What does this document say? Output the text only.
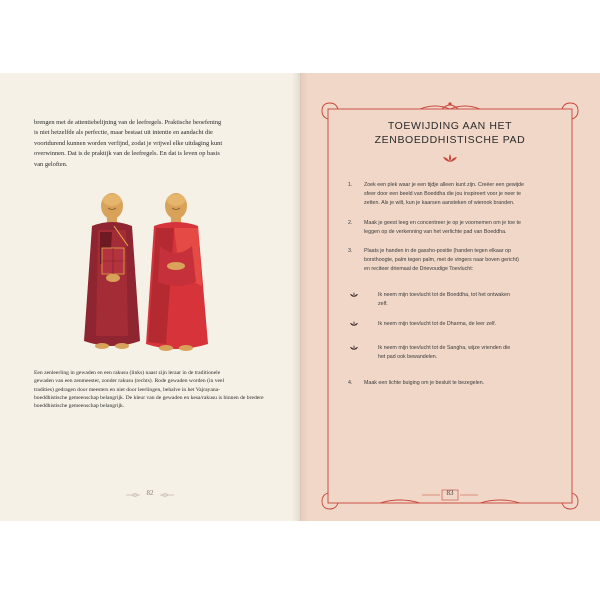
brengen met de attentiebelijning van de leefregels. Praktische beoefening
is niet hetzelfde als perfectie, maar bestaat uit intentie en aandacht die
voortdurend kunnen worden verfijnd, zodat je vrijwel elke uitdaging kunt
overwinnen. Dat is de praktijk van de leefregels. En dat is leven op basis
van geloften.
Een zenleerling in gewaden en een rakusu (links) naast zijn leraar in de traditionele
gewaden van een zenmeester, zonder rakusu (rechts). Rode gewaden worden (in veel
tradities) gedragen door meesters en niet door leerlingen, behalve in het Vajrayana-
boeddhistische gemeenschap belangrijk. De kleur van de gewaden en kesa/rakusu is binnen de bredere
boeddhistische gemeenschap belangrijk.
82
TOEWIJDING AAN HET
ZENBOEDDHISTISCHE PAD
1. Zoek een plek waar je een tijdje alleen kunt zijn. Creëer een gewijde
sfeer door een beeld van Boeddha die jou inspireert voor je neer te
zetten. Als je wilt, kun je kaarsen aansteken of wierook branden.
2. Maak je geest leeg en concentreer je op je voornemen om je toe te
leggen op de verkenning van het verlichte pad van Boeddha.
3. Plaats je handen in de gassho-positie (handen tegen elkaar op
borsthoogte, palm tegen palm, met de vingers naar boven gericht)
en reciteer driemaal de Drievoudige Toevlucht:
Ik neem mijn toevlucht tot de Boeddha, tot het ontwaken
zelf.
Ik neem mijn toevlucht tot de Dharma, de leer zelf.
Ik neem mijn toevlucht tot de Sangha, wijze vrienden die
het pad ook bewandelen.
4. Maak een lichte buiging om je besluit te bezegelen.
83
